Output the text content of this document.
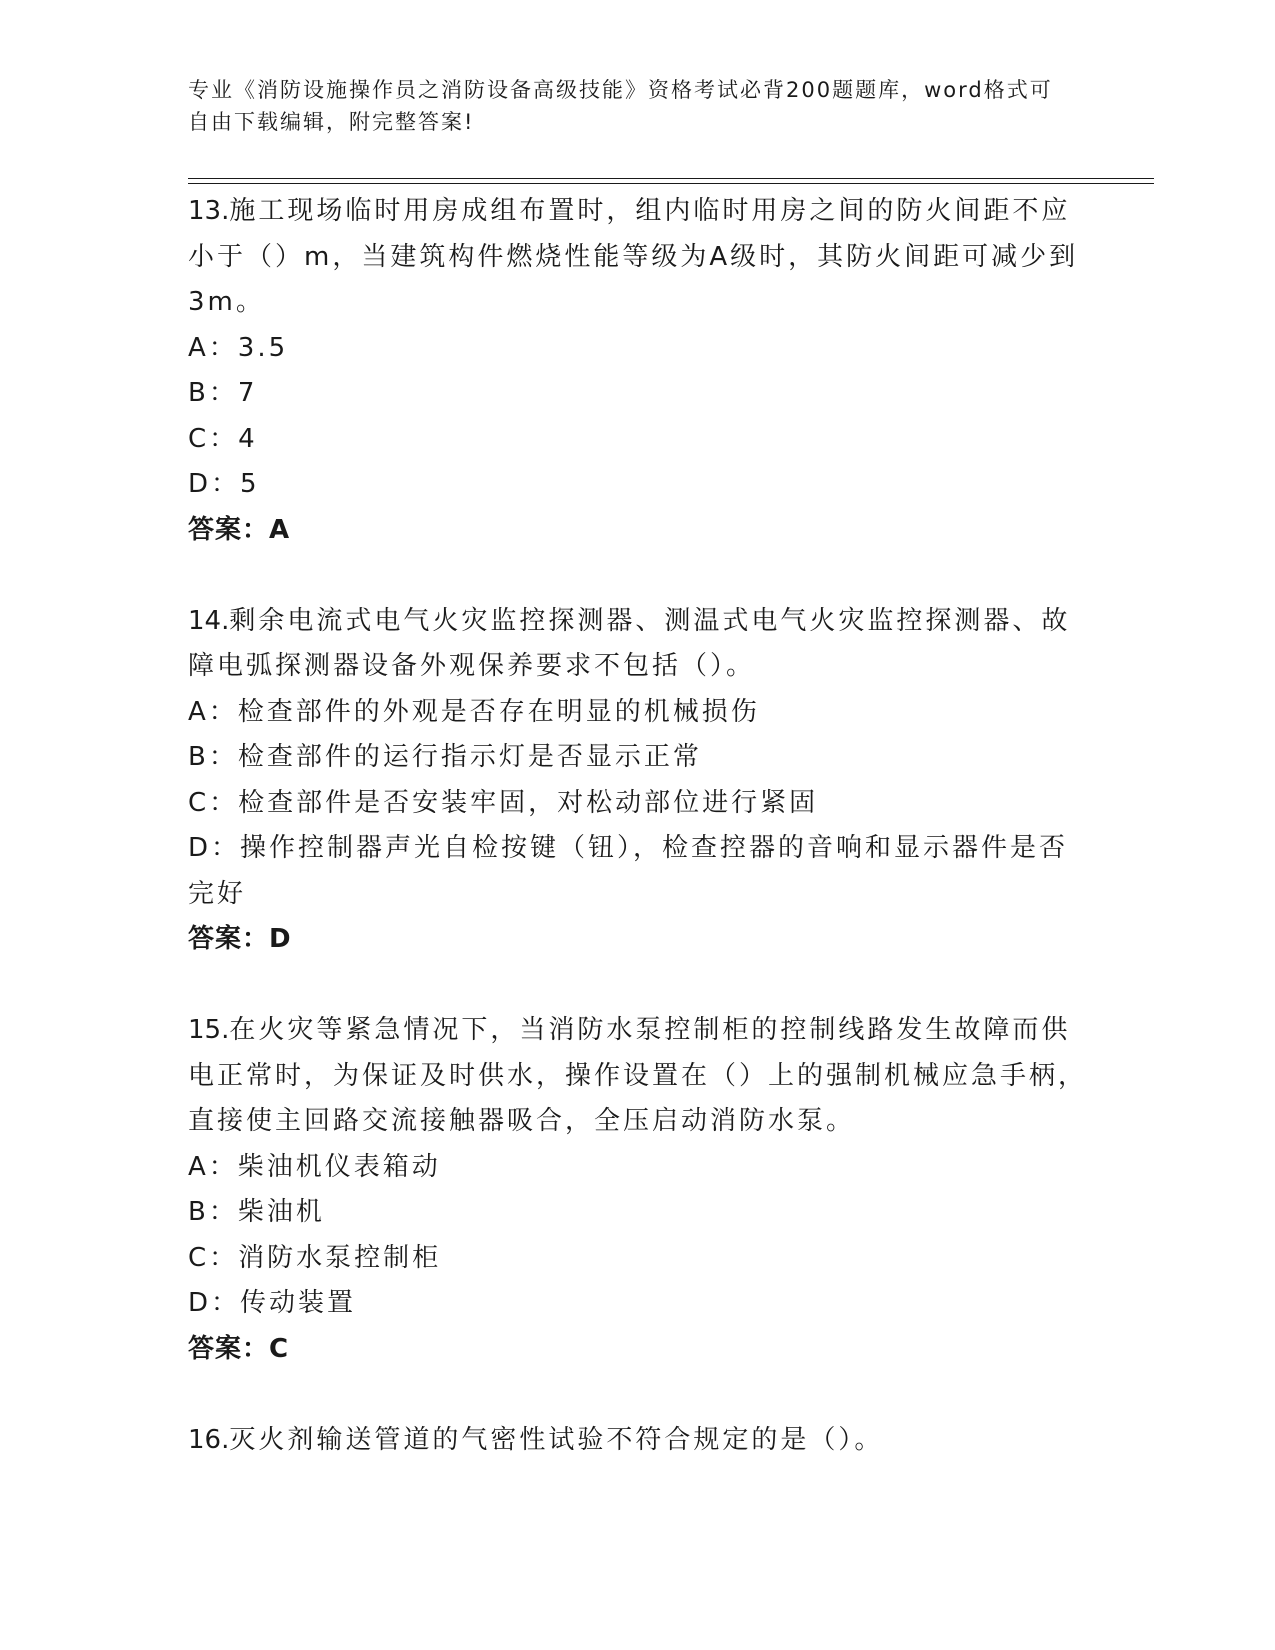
专业《消防设施操作员之消防设备高级技能》资格考试必背200题题库，word格式可自由下载编辑，附完整答案!

13.施工现场临时用房成组布置时，组内临时用房之间的防火间距不应小于（）m，当建筑构件燃烧性能等级为A级时，其防火间距可减少到3m。

A：3.5

B：7

C：4

D：5

答案：A

14.剩余电流式电气火灾监控探测器、测温式电气火灾监控探测器、故障电弧探测器设备外观保养要求不包括（）。

A：检查部件的外观是否存在明显的机械损伤

B：检查部件的运行指示灯是否显示正常

C：检查部件是否安装牢固，对松动部位进行紧固

D：操作控制器声光自检按键（钮），检查控器的音响和显示器件是否完好

答案：D

15.在火灾等紧急情况下，当消防水泵控制柜的控制线路发生故障而供电正常时，为保证及时供水，操作设置在（）上的强制机械应急手柄，直接使主回路交流接触器吸合，全压启动消防水泵。

A：柴油机仪表箱动

B：柴油机

C：消防水泵控制柜

D：传动装置

答案：C

16.灭火剂输送管道的气密性试验不符合规定的是（）。
